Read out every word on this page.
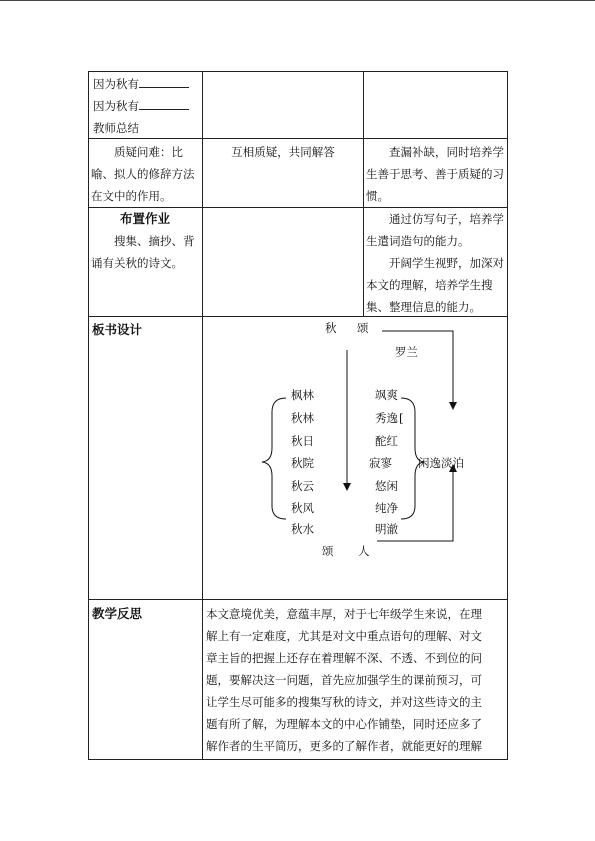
因为秋有
因为秋有
教师总结
质疑问难：比喻、拟人的修辞方法在文中的作用。
互相质疑，共同解答	查漏补缺，同时培养学生善于思考、善于质疑的习惯。
布置作业
搜集、摘抄、背诵有关秋的诗文。
通过仿写句子，培养学生遣词造句的能力。
开阔学生视野，加深对本文的理解，培养学生搜集、整理信息的能力。
板书设计
教学反思	本文意境优美，意蕴丰厚，对于七年级学生来说，在理
解上有一定难度，尤其是对文中重点语句的理解、对文
章主旨的把握上还存在着理解不深、不透、不到位的问
题，要解决这一问题，首先应加强学生的课前预习，可
让学生尽可能多的搜集写秋的诗文，并对这些诗文的主
题有所了解，为理解本文的中心作铺垫，同时还应多了
解作者的生平简历，更多的了解作者，就能更好的理解
秋 颂
罗兰
枫林
秋林
秋日
秋院
秋云
秋风
秋水
飒爽
秀逸 [
酡红
寂寥
悠闲
纯净
明澈
闲逸淡泊
颂 人
